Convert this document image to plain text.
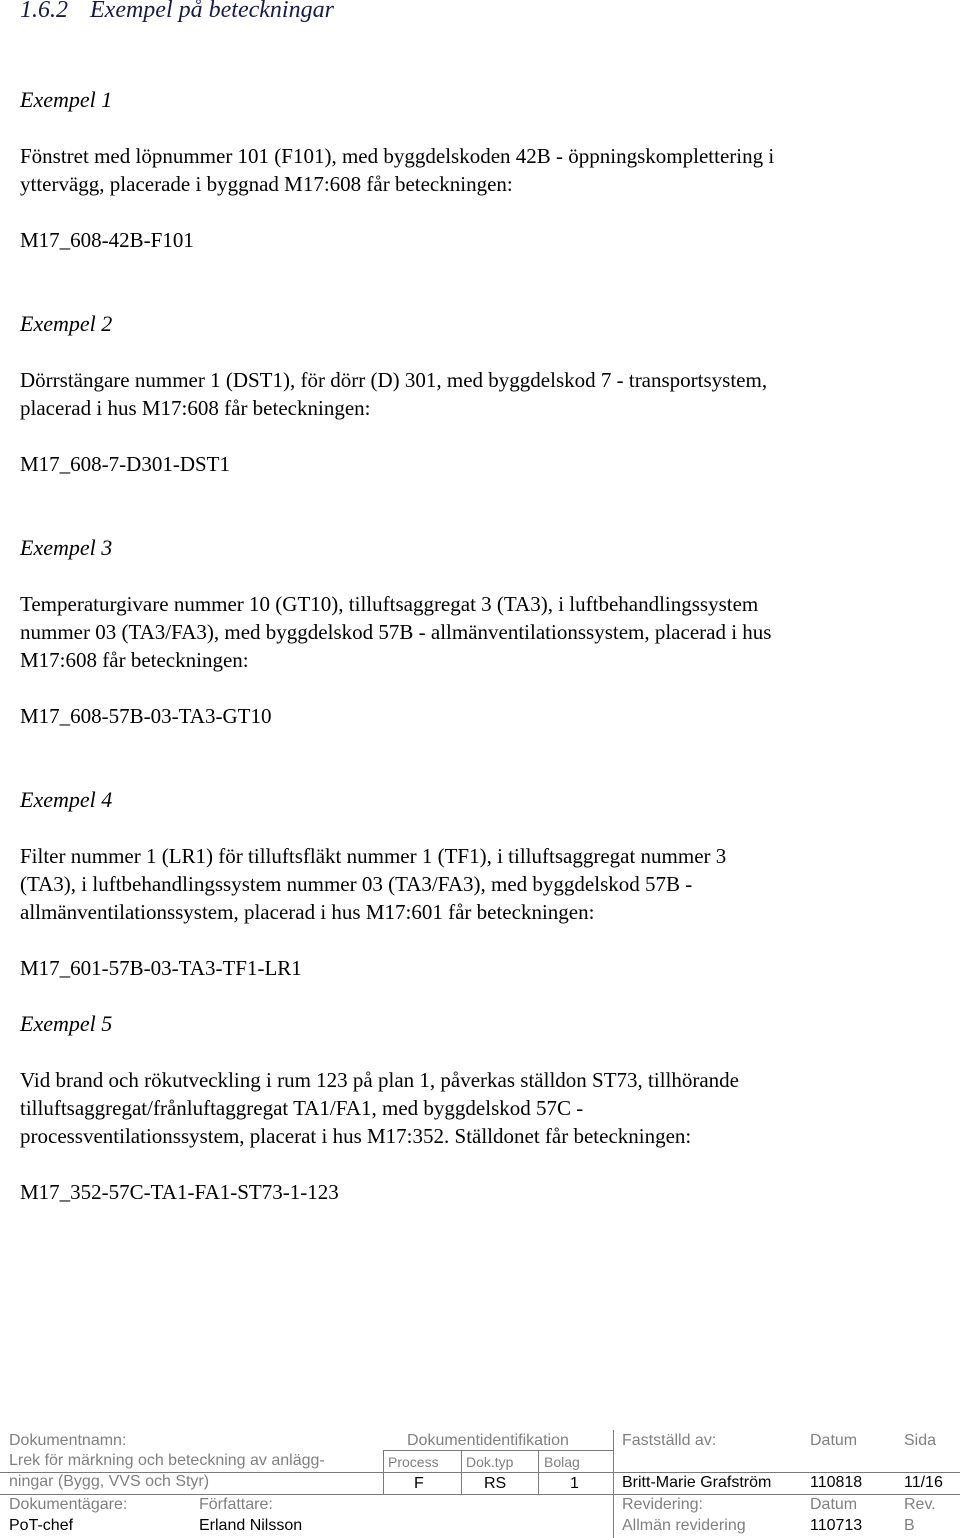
1.6.2 Exempel på beteckningar
Exempel 1

Fönstret med löpnummer 101 (F101), med byggdelskoden 42B - öppningskomplettering i
yttervägg, placerade i byggnad M17:608 får beteckningen:

M17_608-42B-F101

Exempel 2

Dörrstängare nummer 1 (DST1), för dörr (D) 301, med byggdelskod 7 - transportsystem,
placerad i hus M17:608 får beteckningen:

M17_608-7-D301-DST1

Exempel 3

Temperaturgivare nummer 10 (GT10), tilluftsaggregat 3 (TA3), i luftbehandlingssystem
nummer 03 (TA3/FA3), med byggdelskod 57B - allmänventilationssystem, placerad i hus
M17:608 får beteckningen:

M17_608-57B-03-TA3-GT10

Exempel 4

Filter nummer 1 (LR1) för tilluftsfläkt nummer 1 (TF1), i tilluftsaggregat nummer 3
(TA3), i luftbehandlingssystem nummer 03 (TA3/FA3), med byggdelskod 57B -
allmänventilationssystem, placerad i hus M17:601 får beteckningen:

M17_601-57B-03-TA3-TF1-LR1

Exempel 5

Vid brand och rökutveckling i rum 123 på plan 1, påverkas ställdon ST73, tillhörande
tilluftsaggregat/frånluftaggregat TA1/FA1, med byggdelskod 57C -
processventilationssystem, placerat i hus M17:352. Ställdonet får beteckningen:

M17_352-57C-TA1-FA1-ST73-1-123

Dokumentnamn:	Dokumentidentifikation	Fastställd av:	Datum	Sida
Lrek för märkning och beteckning av anlägg-	Process Dok.typ Bolag
ningar (Bygg, VVS och Styr)	F	RS	1	Britt-Marie Grafström 110818	11/16
Dokumentägare:	Författare:	Revidering:	Datum	Rev.
PoT-chef	Erland Nilsson	Allmän revidering	110713	B
